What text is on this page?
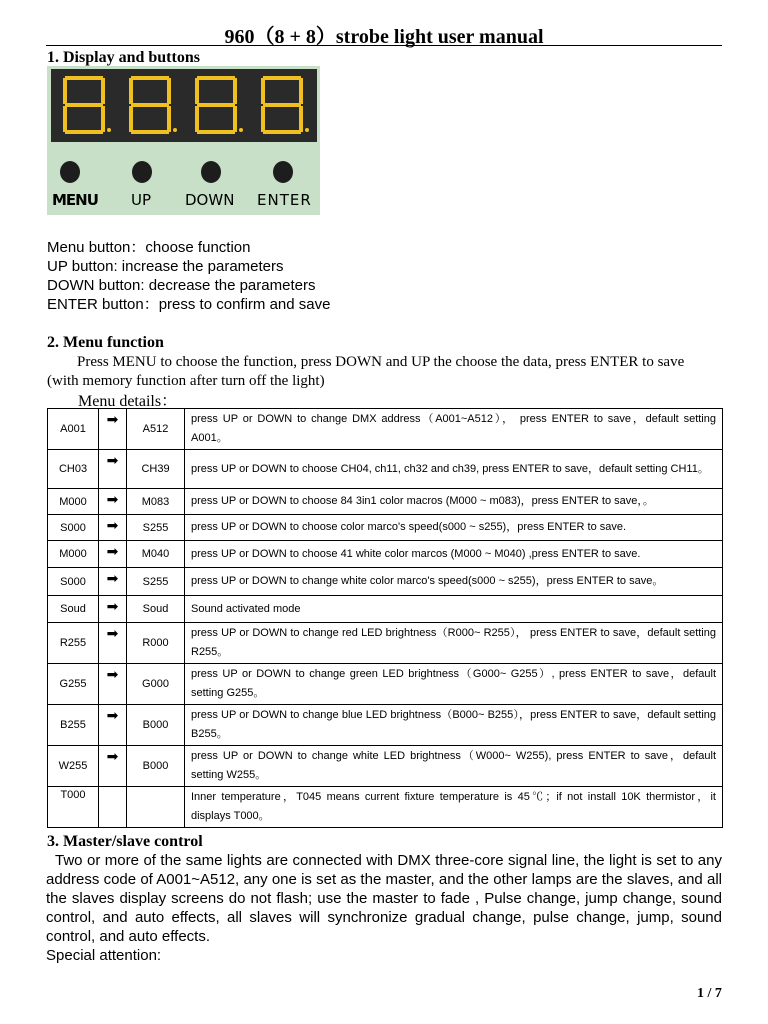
960（8 + 8）strobe light user manual
1. Display and buttons
MENU UP DOWN ENTER
Menu button：choose function
UP button: increase the parameters
DOWN button: decrease the parameters
ENTER button：press to confirm and save
2. Menu function
Press MENU to choose the function, press DOWN and UP the choose the data, press ENTER to save
(with memory function after turn off the light)
Menu details：
A001	➡	A512	press UP or DOWN to change DMX address（A001~A512）， press ENTER to save，default setting A001。
CH03	➡	CH39	press UP or DOWN to choose CH04, ch11, ch32 and ch39, press ENTER to save，default setting CH11。
M000	➡	M083	press UP or DOWN to choose 84 3in1 color macros (M000 ~ m083)，press ENTER to save，。
S000	➡	S255	press UP or DOWN to choose color marco's speed(s000 ~ s255)，press ENTER to save.
M000	➡	M040	press UP or DOWN to choose 41 white color marcos (M000 ~ M040) ,press ENTER to save.
S000	➡	S255	press UP or DOWN to change white color marco's speed(s000 ~ s255)，press ENTER to save。
Soud	➡	Soud	Sound activated mode
R255	➡	R000	press UP or DOWN to change red LED brightness（R000~ R255）， press ENTER to save，default setting R255。
G255	➡	G000	press UP or DOWN to change green LED brightness（G000~ G255）, press ENTER to save，default setting G255。
B255	➡	B000	press UP or DOWN to change blue LED brightness（B000~ B255），press ENTER to save，default setting B255。
W255	➡	B000	press UP or DOWN to change white LED brightness（W000~ W255), press ENTER to save，default setting W255。
T000			Inner temperature，T045 means current fixture temperature is 45℃；if not install 10K thermistor，it displays T000。
3. Master/slave control
Two or more of the same lights are connected with DMX three-core signal line, the light is set to any address code of A001~A512, any one is set as the master, and the other lamps are the slaves, and all the slaves display screens do not flash; use the master to fade , Pulse change, jump change, sound control, and auto effects, all slaves will synchronize gradual change, pulse change, jump, sound control, and auto effects.
Special attention:
1 / 7
